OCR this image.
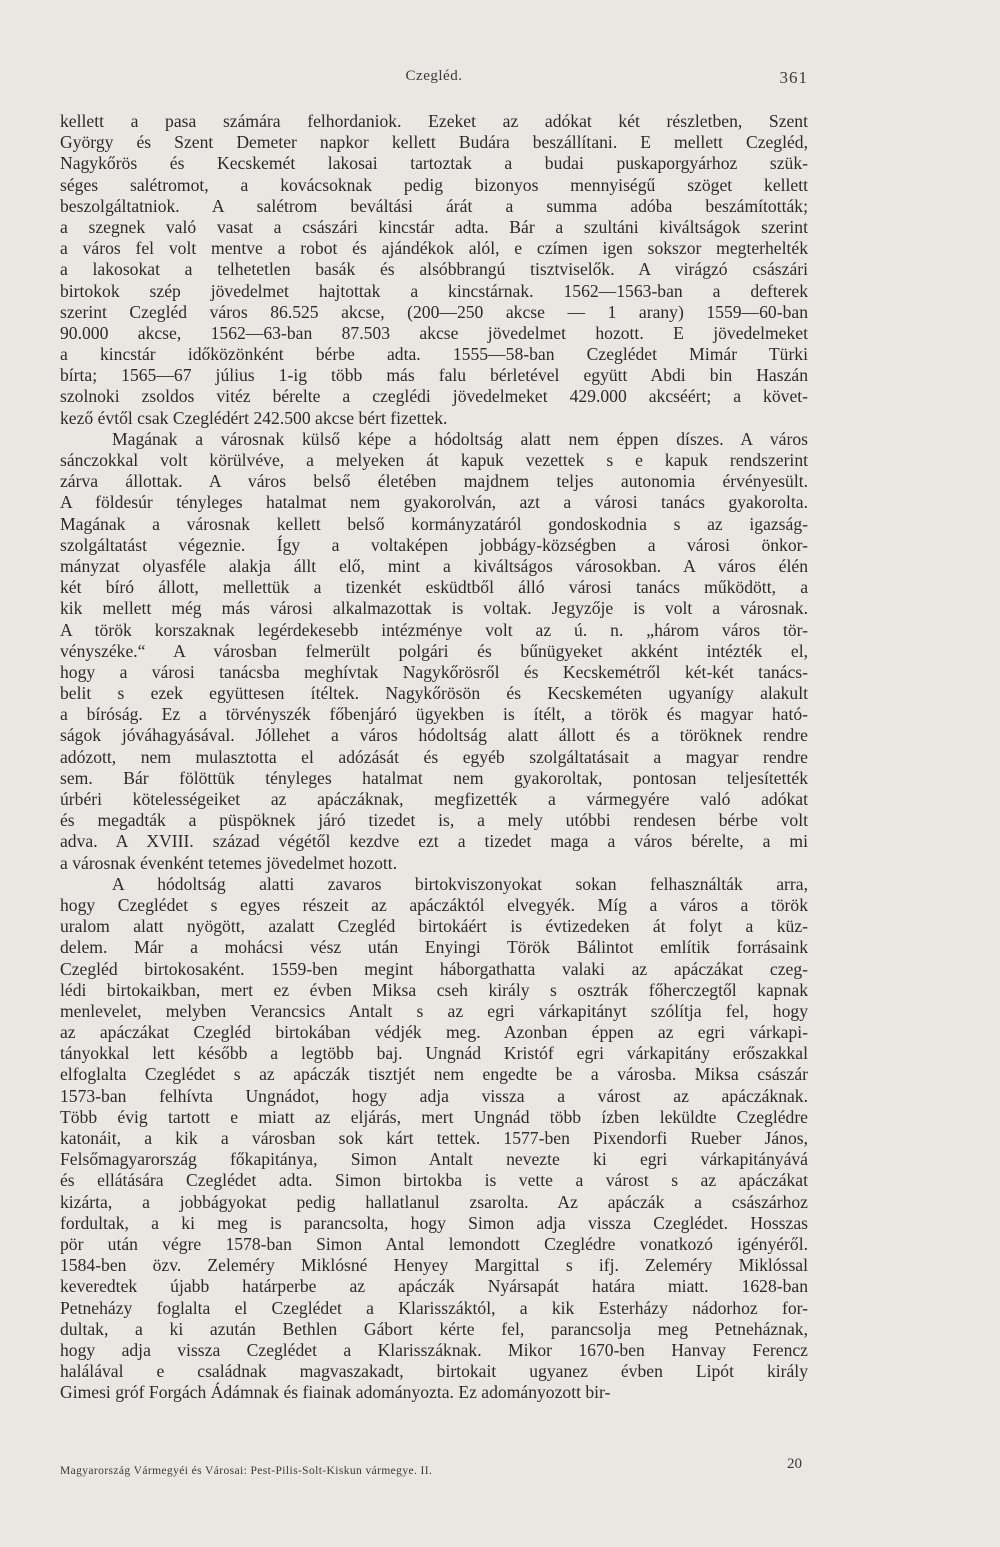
Czegléd.	361
kellett a pasa számára felhordaniok. Ezeket az adókat két részletben, Szent
György és Szent Demeter napkor kellett Budára beszállítani. E mellett Czegléd,
Nagykőrös és Kecskemét lakosai tartoztak a budai puskaporgyárhoz szük-
séges salétromot, a kovácsoknak pedig bizonyos mennyiségű szöget kellett
beszolgáltatniok. A salétrom beváltási árát a summa adóba beszámították;
a szegnek való vasat a császári kincstár adta. Bár a szultáni kiváltságok szerint
a város fel volt mentve a robot és ajándékok alól, e czímen igen sokszor megterhelték
a lakosokat a telhetetlen basák és alsóbbrangú tisztviselők. A virágzó császári
birtokok szép jövedelmet hajtottak a kincstárnak. 1562—1563-ban a defterek
szerint Czegléd város 86.525 akcse, (200—250 akcse — 1 arany) 1559—60-ban
90.000 akcse, 1562—63-ban 87.503 akcse jövedelmet hozott. E jövedelmeket
a kincstár időközönként bérbe adta. 1555—58-ban Czeglédet Mimár Türki
bírta; 1565—67 július 1-ig több más falu bérletével együtt Abdi bin Haszán
szolnoki zsoldos vitéz bérelte a czeglédi jövedelmeket 429.000 akcséért; a követ-
kező évtől csak Czeglédért 242.500 akcse bért fizettek.
Magának a városnak külső képe a hódoltság alatt nem éppen díszes. A város
sánczokkal volt körülvéve, a melyeken át kapuk vezettek s e kapuk rendszerint
zárva állottak. A város belső életében majdnem teljes autonomia érvényesült.
A földesúr tényleges hatalmat nem gyakorolván, azt a városi tanács gyakorolta.
Magának a városnak kellett belső kormányzatáról gondoskodnia s az igazság-
szolgáltatást végeznie. Így a voltaképen jobbágy-községben a városi önkor-
mányzat olyasféle alakja állt elő, mint a kiváltságos városokban. A város élén
két bíró állott, mellettük a tizenkét esküdtből álló városi tanács működött, a
kik mellett még más városi alkalmazottak is voltak. Jegyzője is volt a városnak.
A török korszaknak legérdekesebb intézménye volt az ú. n. „három város tör-
vényszéke.“ A városban felmerült polgári és bűnügyeket akként intézték el,
hogy a városi tanácsba meghívtak Nagykőrösről és Kecskemétről két-két tanács-
belit s ezek együttesen ítéltek. Nagykőrösön és Kecskeméten ugyanígy alakult
a bíróság. Ez a törvényszék főbenjáró ügyekben is ítélt, a török és magyar ható-
ságok jóváhagyásával. Jóllehet a város hódoltság alatt állott és a töröknek rendre
adózott, nem mulasztotta el adózását és egyéb szolgáltatásait a magyar rendre
sem. Bár fölöttük tényleges hatalmat nem gyakoroltak, pontosan teljesítették
úrbéri kötelességeiket az apáczáknak, megfizették a vármegyére való adókat
és megadták a püspöknek járó tizedet is, a mely utóbbi rendesen bérbe volt
adva. A XVIII. század végétől kezdve ezt a tizedet maga a város bérelte, a mi
a városnak évenként tetemes jövedelmet hozott.
A hódoltság alatti zavaros birtokviszonyokat sokan felhasználták arra,
hogy Czeglédet s egyes részeit az apáczáktól elvegyék. Míg a város a török
uralom alatt nyögött, azalatt Czegléd birtokáért is évtizedeken át folyt a küz-
delem. Már a mohácsi vész után Enyingi Török Bálintot említik forrásaink
Czegléd birtokosaként. 1559-ben megint háborgathatta valaki az apáczákat czeg-
lédi birtokaikban, mert ez évben Miksa cseh király s osztrák főherczegtől kapnak
menlevelet, melyben Verancsics Antalt s az egri várkapitányt szólítja fel, hogy
az apáczákat Czegléd birtokában védjék meg. Azonban éppen az egri várkapi-
tányokkal lett később a legtöbb baj. Ungnád Kristóf egri várkapitány erőszakkal
elfoglalta Czeglédet s az apáczák tisztjét nem engedte be a városba. Miksa császár
1573-ban felhívta Ungnádot, hogy adja vissza a várost az apáczáknak.
Több évig tartott e miatt az eljárás, mert Ungnád több ízben leküldte Czeglédre
katonáit, a kik a városban sok kárt tettek. 1577-ben Pixendorfi Rueber János,
Felsőmagyarország főkapitánya, Simon Antalt nevezte ki egri várkapitányává
és ellátására Czeglédet adta. Simon birtokba is vette a várost s az apáczákat
kizárta, a jobbágyokat pedig hallatlanul zsarolta. Az apáczák a császárhoz
fordultak, a ki meg is parancsolta, hogy Simon adja vissza Czeglédet. Hosszas
pör után végre 1578-ban Simon Antal lemondott Czeglédre vonatkozó igényéről.
1584-ben özv. Zeleméry Miklósné Henyey Margittal s ifj. Zeleméry Miklóssal
keveredtek újabb határperbe az apáczák Nyársapát határa miatt. 1628-ban
Petneházy foglalta el Czeglédet a Klarisszáktól, a kik Esterházy nádorhoz for-
dultak, a ki azután Bethlen Gábort kérte fel, parancsolja meg Petneháznak,
hogy adja vissza Czeglédet a Klarisszáknak. Mikor 1670-ben Hanvay Ferencz
halálával e családnak magvaszakadt, birtokait ugyanez évben Lipót király
Gimesi gróf Forgách Ádámnak és fiainak adományozta. Ez adományozott bir-
Magyarország Vármegyéi és Városai: Pest-Pilis-Solt-Kiskun vármegye. II.	20
